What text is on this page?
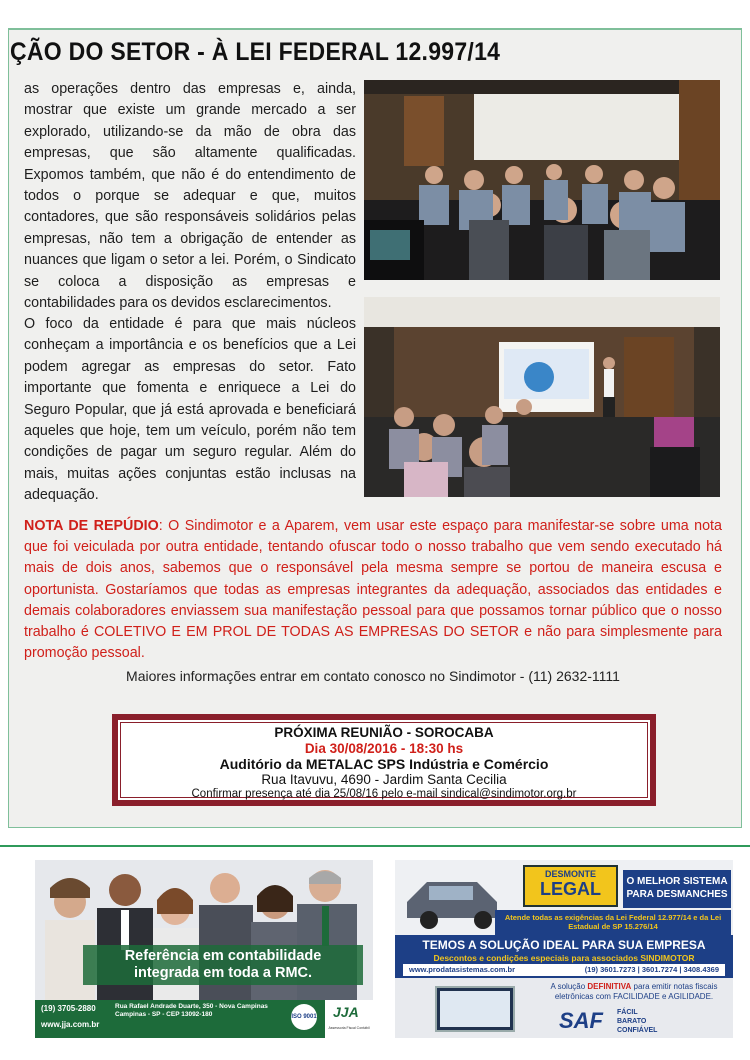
ÇÃO DO SETOR - À LEI FEDERAL 12.997/14

as operações dentro das empresas e, ainda, mostrar que existe um grande mercado a ser explorado, utilizando-se da mão de obra das empresas, que são altamente qualificadas. Expomos também, que não é do entendimento de todos o porque se adequar e que, muitos contadores, que são responsáveis solidários pelas empresas, não tem a obrigação de entender as nuances que ligam o setor a lei. Porém, o Sindicato se coloca a disposição as empresas e contabilidades para os devidos esclarecimentos.

O foco da entidade é para que mais núcleos conheçam a importância e os benefícios que a Lei podem agregar as empresas do setor. Fato importante que fomenta e enriquece a Lei do Seguro Popular, que já está aprovada e beneficiará aqueles que hoje, tem um veículo, porém não tem condições de pagar um seguro regular. Além do mais, muitas ações conjuntas estão inclusas na adequação.

NOTA DE REPÚDIO: O Sindimotor e a Aparem, vem usar este espaço para manifestar-se sobre uma nota que foi veiculada por outra entidade, tentando ofuscar todo o nosso trabalho que vem sendo executado há mais de dois anos, sabemos que o responsável pela mesma sempre se portou de maneira escusa e oportunista. Gostaríamos que todas as empresas integrantes da adequação, associados das entidades e demais colaboradores enviassem sua manifestação pessoal para que possamos tornar público que o nosso trabalho é COLETIVO E EM PROL DE TODAS AS EMPRESAS DO SETOR e não para simplesmente para promoção pessoal.
Maiores informações entrar em contato conosco no Sindimotor - (11) 2632-1111
PRÓXIMA REUNIÃO - SOROCABA
Dia 30/08/2016 - 18:30 hs
Auditório da METALAC SPS Indústria e Comércio
Rua Itavuvu, 4690 - Jardim Santa Cecilia
Confirmar presença até dia 25/08/16 pelo e-mail sindical@sindimotor.org.br
Referência em contabilidade integrada em toda a RMC.
(19) 3705-2880
www.jja.com.br
Rua Rafael Andrade Duarte, 350 - Nova Campinas Campinas - SP - CEP 13092-180	ISO 9001 JJA
Assessoria Fiscal Contábil
DESMONTE
LEGAL	O MELHOR SISTEMA PARA DESMANCHES
Atende todas as exigências da Lei Federal 12.977/14 e da Lei Estadual de SP 15.276/14
TEMOS A SOLUÇÃO IDEAL PARA SUA EMPRESA
Descontos e condições especiais para associados SINDIMOTOR
www.prodatasistemas.com.br	(19) 3601.7273 | 3601.7274 | 3408.4369
A solução DEFINITIVA para emitir notas fiscais eletrônicas com FACILIDADE e AGILIDADE.
SAF FÁCIL
BARATO
CONFIÁVEL
